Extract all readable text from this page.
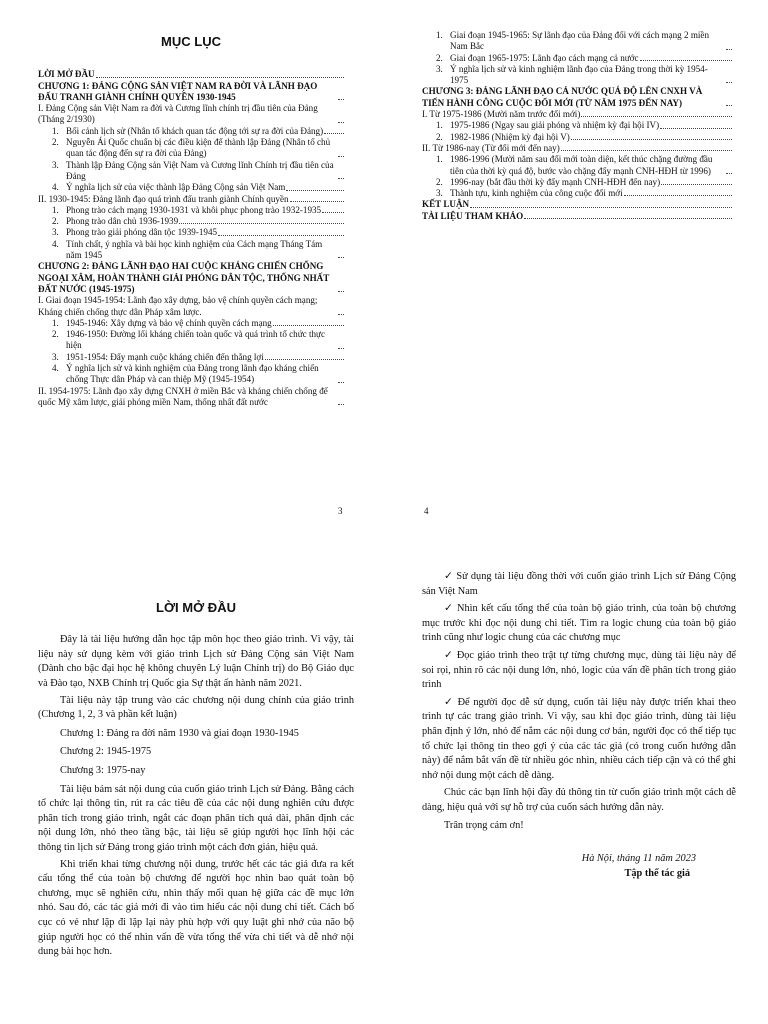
MỤC LỤC
LỜI MỞ ĐẦU
CHƯƠNG 1: ĐẢNG CỘNG SẢN VIỆT NAM RA ĐỜI VÀ LÃNH ĐẠO ĐẤU TRANH GIÀNH CHÍNH QUYỀN 1930-1945
I. Đảng Cộng sản Việt Nam ra đời và Cương lĩnh chính trị đầu tiên của Đảng (Tháng 2/1930)
1. Bối cảnh lịch sử (Nhân tố khách quan tác động tới sự ra đời của Đảng)
2. Nguyễn Ái Quốc chuẩn bị các điều kiện để thành lập Đảng (Nhân tố chủ quan tác động đến sự ra đời của Đảng)
3. Thành lập Đảng Cộng sản Việt Nam và Cương lĩnh Chính trị đầu tiên của Đảng
4. Ý nghĩa lịch sử của việc thành lập Đảng Cộng sản Việt Nam
II. 1930-1945: Đảng lãnh đạo quá trình đấu tranh giành Chính quyền
1. Phong trào cách mạng 1930-1931 và khôi phục phong trào 1932-1935
2. Phong trào dân chủ 1936-1939
3. Phong trào giải phóng dân tộc 1939-1945
4. Tính chất, ý nghĩa và bài học kinh nghiệm của Cách mạng Tháng Tám năm 1945
CHƯƠNG 2: ĐẢNG LÃNH ĐẠO HAI CUỘC KHÁNG CHIẾN CHỐNG NGOẠI XÂM, HOÀN THÀNH GIẢI PHÓNG DÂN TỘC, THỐNG NHẤT ĐẤT NƯỚC (1945-1975)
I. Giai đoạn 1945-1954: Lãnh đạo xây dựng, bảo vệ chính quyền cách mạng; Kháng chiến chống thực dân Pháp xâm lược.
1. 1945-1946: Xây dựng và bảo vệ chính quyền cách mạng
2. 1946-1950: Đường lối kháng chiến toàn quốc và quá trình tổ chức thực hiện
3. 1951-1954: Đẩy mạnh cuộc kháng chiến đến thắng lợi
4. Ý nghĩa lịch sử và kinh nghiệm của Đảng trong lãnh đạo kháng chiến chống Thực dân Pháp và can thiệp Mỹ (1945-1954)
II. 1954-1975: Lãnh đạo xây dựng CNXH ở miền Bắc và kháng chiến chống đế quốc Mỹ xâm lược, giải phóng miền Nam, thống nhất đất nước
3
1. Giai đoạn 1945-1965: Sự lãnh đạo của Đảng đối với cách mạng 2 miền Nam Bắc
2. Giai đoạn 1965-1975: Lãnh đạo cách mạng cả nước
3. Ý nghĩa lịch sử và kinh nghiệm lãnh đạo của Đảng trong thời kỳ 1954-1975
CHƯƠNG 3: ĐẢNG LÃNH ĐẠO CẢ NƯỚC QUÁ ĐỘ LÊN CNXH VÀ TIẾN HÀNH CÔNG CUỘC ĐỔI MỚI (TỪ NĂM 1975 ĐẾN NAY)
I. Từ 1975-1986 (Mười năm trước đổi mới)
1. 1975-1986 (Ngay sau giải phóng và nhiệm kỳ đại hội IV)
2. 1982-1986 (Nhiệm kỳ đại hội V)
II. Từ 1986-nay (Từ đổi mới đến nay)
1. 1986-1996 (Mười năm sau đổi mới toàn diện, kết thúc chặng đường đầu tiên của thời kỳ quá độ, bước vào chặng đẩy mạnh CNH-HĐH từ 1996)
2. 1996-nay (bắt đầu thời kỳ đẩy mạnh CNH-HĐH đến nay)
3. Thành tựu, kinh nghiệm của công cuộc đổi mới
KẾT LUẬN
TÀI LIỆU THAM KHẢO
4
LỜI MỞ ĐẦU

Đây là tài liệu hướng dẫn học tập môn học theo giáo trình. Vì vậy, tài liệu này sử dụng kèm với giáo trình Lịch sử Đảng Cộng sản Việt Nam (Dành cho bậc đại học hệ không chuyên Lý luận Chính trị) do Bộ Giáo dục và Đào tạo, NXB Chính trị Quốc gia Sự thật ấn hành năm 2021.

Tài liệu này tập trung vào các chương nội dung chính của giáo trình (Chương 1, 2, 3 và phần kết luận)

Chương 1: Đảng ra đời năm 1930 và giai đoạn 1930-1945

Chương 2: 1945-1975

Chương 3: 1975-nay

Tài liệu bám sát nội dung của cuốn giáo trình Lịch sử Đảng. Bằng cách tổ chức lại thông tin, rút ra các tiêu đề của các nội dung nghiên cứu được phân tích trong giáo trình, ngắt các đoạn phân tích quá dài, phân định các nội dung lớn, nhỏ theo tầng bậc, tài liệu sẽ giúp người học lĩnh hội các thông tin lịch sử Đảng trong giáo trình một cách đơn giản, hiệu quả.

Khi triển khai từng chương nội dung, trước hết các tác giả đưa ra kết cấu tổng thể của toàn bộ chương để người học nhìn bao quát toàn bộ chương, mục sẽ nghiên cứu, nhìn thấy mối quan hệ giữa các đề mục lớn nhỏ. Sau đó, các tác giả mới đi vào tìm hiểu các nội dung chi tiết. Cách bố cục có vẻ như lặp đi lặp lại này phù hợp với quy luật ghi nhớ của não bộ giúp người học có thể nhìn vấn đề vừa tổng thể vừa chi tiết và dễ nhớ nội dung bài học hơn.

✓ Sử dụng tài liệu đồng thời với cuốn giáo trình Lịch sử Đảng Cộng sản Việt Nam

✓ Nhìn kết cấu tổng thể của toàn bộ giáo trình, của toàn bộ chương mục trước khi đọc nội dung chi tiết. Tìm ra logic chung của toàn bộ giáo trình cũng như logic chung của các chương mục

✓ Đọc giáo trình theo trật tự từng chương mục, dùng tài liệu này để soi rọi, nhìn rõ các nội dung lớn, nhỏ, logic của vấn đề phân tích trong giáo trình

✓ Để người đọc dễ sử dụng, cuốn tài liệu này được triển khai theo trình tự các trang giáo trình. Vì vậy, sau khi đọc giáo trình, dùng tài liệu phân định ý lớn, nhỏ để nắm các nội dung cơ bản, người đọc có thể tiếp tục tổ chức lại thông tin theo gợi ý của các tác giả (có trong cuốn hướng dẫn này) để nắm bắt vấn đề từ nhiều góc nhìn, nhiều cách tiếp cận và có thể ghi nhớ nội dung một cách dễ dàng.

Chúc các bạn lĩnh hội đầy đủ thông tin từ cuốn giáo trình một cách dễ dàng, hiệu quả với sự hỗ trợ của cuốn sách hướng dẫn này.

Trân trọng cảm ơn!

Hà Nội, tháng 11 năm 2023
Tập thể tác giả
